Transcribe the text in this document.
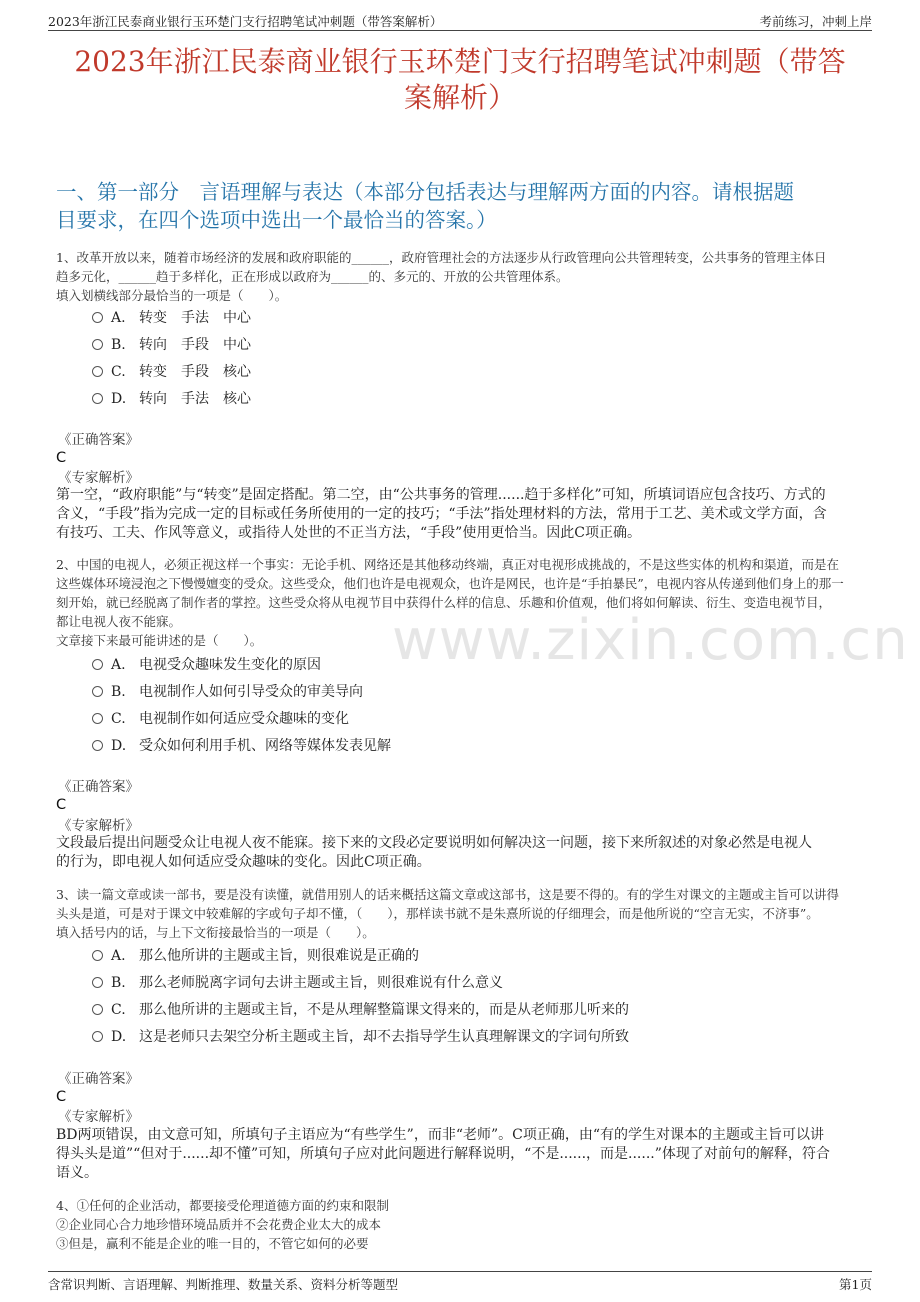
2023年浙江民泰商业银行玉环楚门支行招聘笔试冲刺题（带答案解析）	考前练习，冲刺上岸
2023年浙江民泰商业银行玉环楚门支行招聘笔试冲刺题（带答
案解析）
一、第一部分　言语理解与表达（本部分包括表达与理解两方面的内容。请根据题
目要求，在四个选项中选出一个最恰当的答案。）
www.zixin.com.cn
1、改革开放以来，随着市场经济的发展和政府职能的______，政府管理社会的方法逐步从行政管理向公共管理转变，公共事务的管理主体日
趋多元化，______趋于多样化，正在形成以政府为______的、多元的、开放的公共管理体系。
填入划横线部分最恰当的一项是（　　）。
A. 转变　手法　中心
B. 转向　手段　中心
C. 转变　手段　核心
D. 转向　手法　核心
《正确答案》
C
《专家解析》
第一空，“政府职能”与“转变”是固定搭配。第二空，由“公共事务的管理......趋于多样化”可知，所填词语应包含技巧、方式的
含义，“手段”指为完成一定的目标或任务所使用的一定的技巧；“手法”指处理材料的方法，常用于工艺、美术或文学方面，含
有技巧、工夫、作风等意义，或指待人处世的不正当方法，“手段”使用更恰当。因此C项正确。
2、中国的电视人，必须正视这样一个事实：无论手机、网络还是其他移动终端，真正对电视形成挑战的，不是这些实体的机构和渠道，而是在
这些媒体环境浸泡之下慢慢嬗变的受众。这些受众，他们也许是电视观众，也许是网民，也许是“手拍暴民”，电视内容从传递到他们身上的那一
刻开始，就已经脱离了制作者的掌控。这些受众将从电视节目中获得什么样的信息、乐趣和价值观，他们将如何解读、衍生、变造电视节目，
都让电视人夜不能寐。
文章接下来最可能讲述的是（　　）。
A. 电视受众趣味发生变化的原因
B. 电视制作人如何引导受众的审美导向
C. 电视制作如何适应受众趣味的变化
D. 受众如何利用手机、网络等媒体发表见解
《正确答案》
C
《专家解析》
文段最后提出问题受众让电视人夜不能寐。接下来的文段必定要说明如何解决这一问题，接下来所叙述的对象必然是电视人
的行为，即电视人如何适应受众趣味的变化。因此C项正确。
3、读一篇文章或读一部书，要是没有读懂，就借用别人的话来概括这篇文章或这部书，这是要不得的。有的学生对课文的主题或主旨可以讲得
头头是道，可是对于课文中较难解的字或句子却不懂，（　　），那样读书就不是朱熹所说的仔细理会，而是他所说的“空言无实，不济事”。
填入括号内的话，与上下文衔接最恰当的一项是（　　）。
A. 那么他所讲的主题或主旨，则很难说是正确的
B. 那么老师脱离字词句去讲主题或主旨，则很难说有什么意义
C. 那么他所讲的主题或主旨，不是从理解整篇课文得来的，而是从老师那儿听来的
D. 这是老师只去架空分析主题或主旨，却不去指导学生认真理解课文的字词句所致
《正确答案》
C
《专家解析》
BD两项错误，由文意可知，所填句子主语应为“有些学生”，而非“老师”。C项正确，由“有的学生对课本的主题或主旨可以讲
得头头是道”“但对于......却不懂”可知，所填句子应对此问题进行解释说明，“不是......，而是......”体现了对前句的解释，符合
语义。
4、①任何的企业活动，都要接受伦理道德方面的约束和限制
②企业同心合力地珍惜环境品质并不会花费企业太大的成本
③但是，赢利不能是企业的唯一目的，不管它如何的必要
含常识判断、言语理解、判断推理、数量关系、资料分析等题型	第1页
